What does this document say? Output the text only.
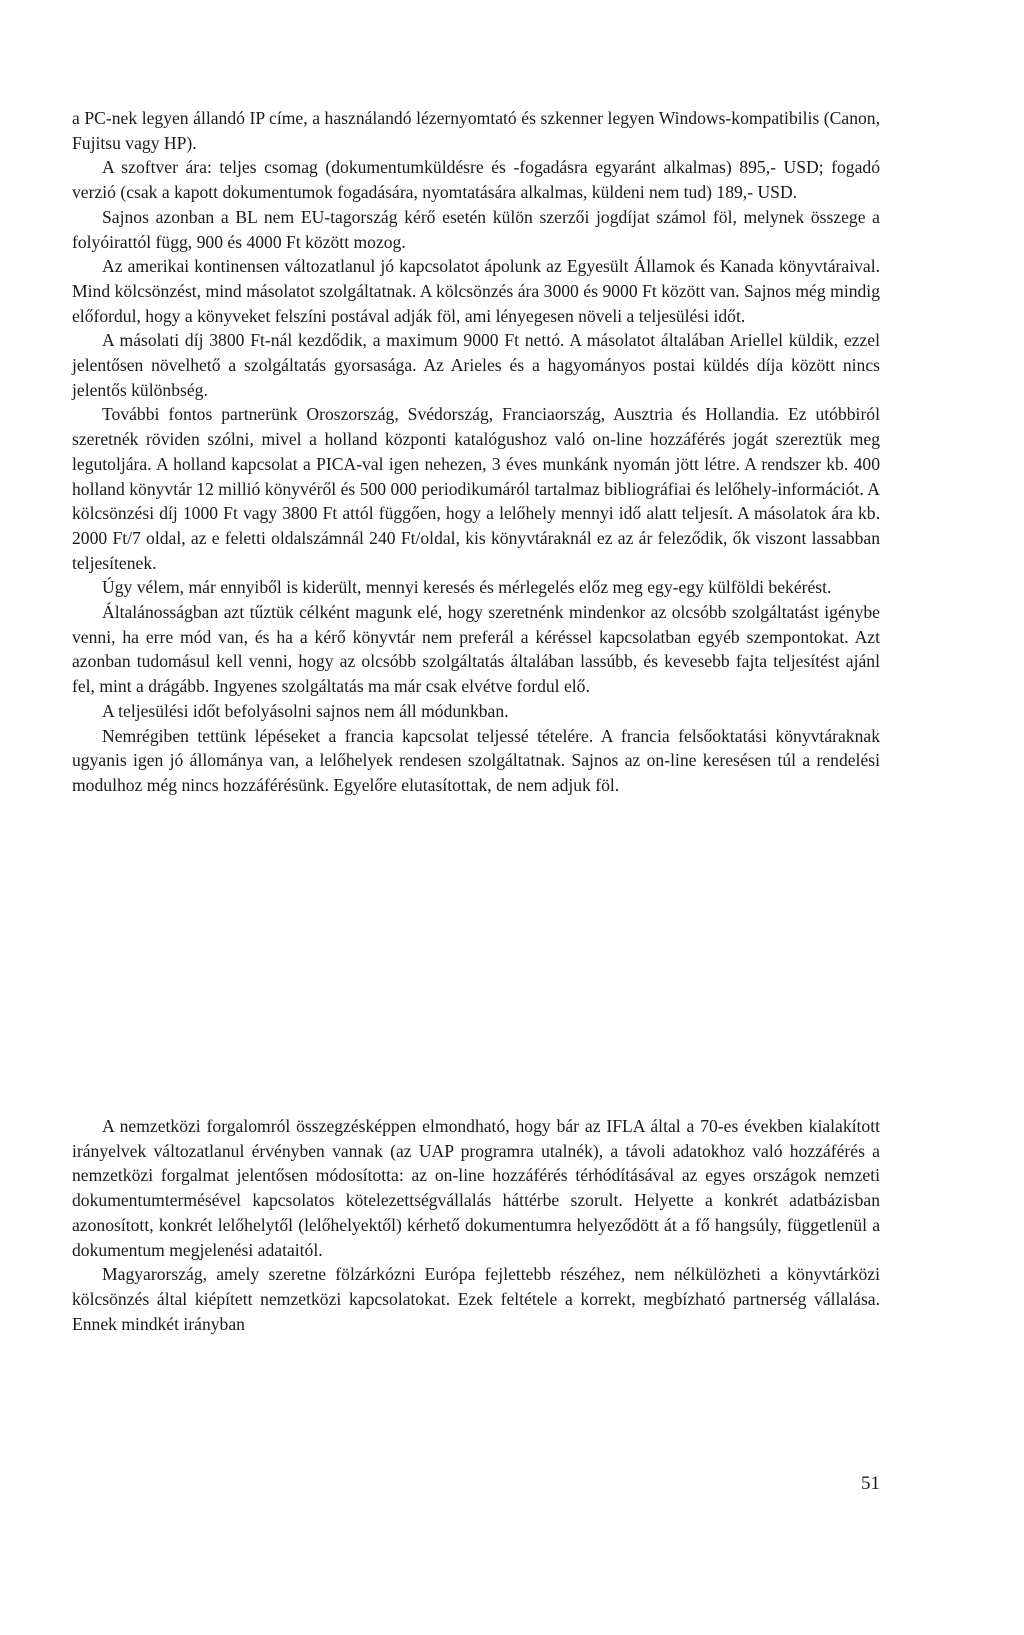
a PC-nek legyen állandó IP címe, a használandó lézernyomtató és szkenner legyen Windows-kompatibilis (Canon, Fujitsu vagy HP).

A szoftver ára: teljes csomag (dokumentumküldésre és -fogadásra egyaránt alkalmas) 895,- USD; fogadó verzió (csak a kapott dokumentumok fogadására, nyomtatására alkalmas, küldeni nem tud) 189,- USD.

Sajnos azonban a BL nem EU-tagország kérő esetén külön szerzői jogdíjat számol föl, melynek összege a folyóirattól függ, 900 és 4000 Ft között mozog.

Az amerikai kontinensen változatlanul jó kapcsolatot ápolunk az Egyesült Államok és Kanada könyvtáraival. Mind kölcsönzést, mind másolatot szolgáltatnak. A kölcsönzés ára 3000 és 9000 Ft között van. Sajnos még mindig előfordul, hogy a könyveket felszíni postával adják föl, ami lényegesen növeli a teljesülési időt.

A másolati díj 3800 Ft-nál kezdődik, a maximum 9000 Ft nettó. A másolatot általában Ariellel küldik, ezzel jelentősen növelhető a szolgáltatás gyorsasága. Az Arieles és a hagyományos postai küldés díja között nincs jelentős különbség.

További fontos partnerünk Oroszország, Svédország, Franciaország, Ausztria és Hollandia. Ez utóbbiról szeretnék röviden szólni, mivel a holland központi katalógushoz való on-line hozzáférés jogát szereztük meg legutoljára. A holland kapcsolat a PICA-val igen nehezen, 3 éves munkánk nyomán jött létre. A rendszer kb. 400 holland könyvtár 12 millió könyvéről és 500 000 periodikumáról tartalmaz bibliográfiai és lelőhely-információt. A kölcsönzési díj 1000 Ft vagy 3800 Ft attól függően, hogy a lelőhely mennyi idő alatt teljesít. A másolatok ára kb. 2000 Ft/7 oldal, az e feletti oldalszámnál 240 Ft/oldal, kis könyvtáraknál ez az ár feleződik, ők viszont lassabban teljesítenek.

Úgy vélem, már ennyiből is kiderült, mennyi keresés és mérlegelés előz meg egy-egy külföldi bekérést.

Általánosságban azt tűztük célként magunk elé, hogy szeretnénk mindenkor az olcsóbb szolgáltatást igénybe venni, ha erre mód van, és ha a kérő könyvtár nem preferál a kéréssel kapcsolatban egyéb szempontokat. Azt azonban tudomásul kell venni, hogy az olcsóbb szolgáltatás általában lassúbb, és kevesebb fajta teljesítést ajánl fel, mint a drágább. Ingyenes szolgáltatás ma már csak elvétve fordul elő.

A teljesülési időt befolyásolni sajnos nem áll módunkban.

Nemrégiben tettünk lépéseket a francia kapcsolat teljessé tételére. A francia felsőoktatási könyvtáraknak ugyanis igen jó állománya van, a lelőhelyek rendesen szolgáltatnak. Sajnos az on-line keresésen túl a rendelési modulhoz még nincs hozzáférésünk. Egyelőre elutasítottak, de nem adjuk föl.

A nemzetközi forgalomról összegzésképpen elmondható, hogy bár az IFLA által a 70-es években kialakított irányelvek változatlanul érvényben vannak (az UAP programra utalnék), a távoli adatokhoz való hozzáférés a nemzetközi forgalmat jelentősen módosította: az on-line hozzáférés térhódításával az egyes országok nemzeti dokumentumtermésével kapcsolatos kötelezettségvállalás háttérbe szorult. Helyette a konkrét adatbázisban azonosított, konkrét lelőhelytől (lelőhelyektől) kérhető dokumentumra helyeződött át a fő hangsúly, függetlenül a dokumentum megjelenési adataitól.

Magyarország, amely szeretne fölzárkózni Európa fejlettebb részéhez, nem nélkülözheti a könyvtárközi kölcsönzés által kiépített nemzetközi kapcsolatokat. Ezek feltétele a korrekt, megbízható partnerség vállalása. Ennek mindkét irányban

51
